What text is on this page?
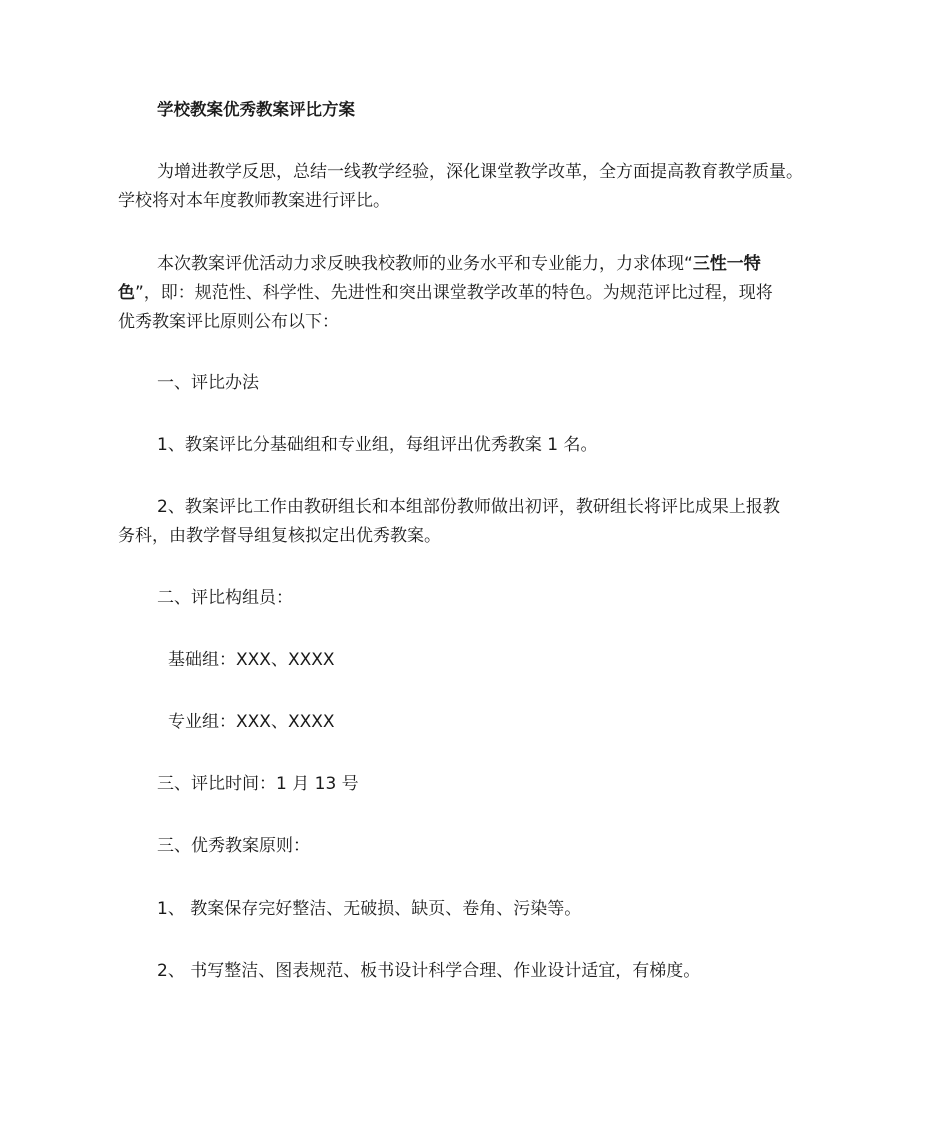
学校教案优秀教案评比方案
为增进教学反思，总结一线教学经验，深化课堂教学改革，全方面提高教育教学质量。
学校将对本年度教师教案进行评比。
本次教案评优活动力求反映我校教师的业务水平和专业能力，力求体现“三性一特
色”，即：规范性、科学性、先进性和突出课堂教学改革的特色。为规范评比过程，现将
优秀教案评比原则公布以下：
一、评比办法
1、教案评比分基础组和专业组，每组评出优秀教案 1 名。
2、教案评比工作由教研组长和本组部份教师做出初评，教研组长将评比成果上报教
务科，由教学督导组复核拟定出优秀教案。
二、评比构组员：
基础组：XXX、XXXX
专业组：XXX、XXXX
三、评比时间：1 月 13 号
三、优秀教案原则：
1、 教案保存完好整洁、无破损、缺页、卷角、污染等。
2、 书写整洁、图表规范、板书设计科学合理、作业设计适宜，有梯度。
